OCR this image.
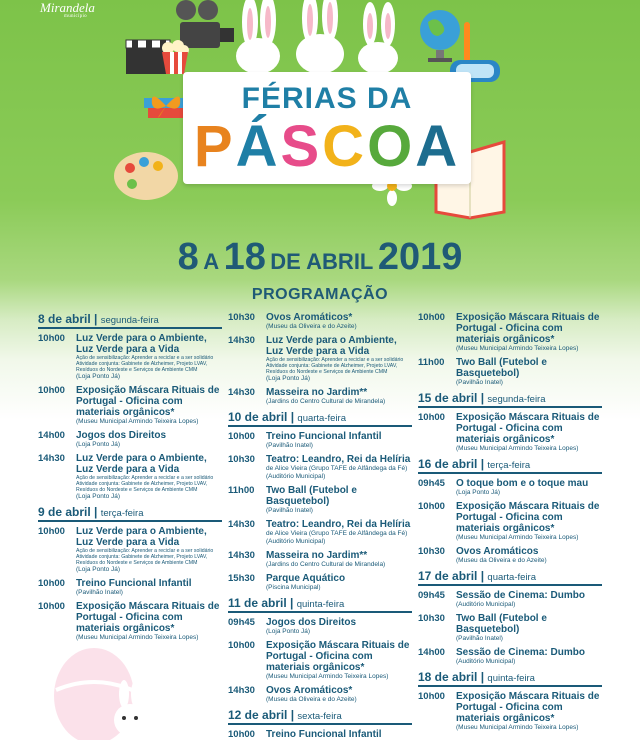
Mirandela
município
FÉRIAS DA
PÁSCOA
8 A 18 DE ABRIL 2019
PROGRAMAÇÃO
8 de abril | segunda-feira
10h00	Luz Verde para o Ambiente, Luz Verde para a Vida
Ação de sensibilização: Aprender a reciclar e a ser solidário
Atividade conjunta: Gabinete de Alzheimer, Projeto LVAV, Resíduos do Nordeste e Serviços de Ambiente CMM
(Loja Ponto Já)
10h00	Exposição Máscara Rituais de Portugal - Oficina com materiais orgânicos*
(Museu Municipal Armindo Teixeira Lopes)
14h00	Jogos dos Direitos
(Loja Ponto Já)
14h30	Luz Verde para o Ambiente, Luz Verde para a Vida
Ação de sensibilização: Aprender a reciclar e a ser solidário
Atividade conjunta: Gabinete de Alzheimer, Projeto LVAV, Resíduos do Nordeste e Serviços de Ambiente CMM
(Loja Ponto Já)
9 de abril | terça-feira
10h00	Luz Verde para o Ambiente, Luz Verde para a Vida
Ação de sensibilização: Aprender a reciclar e a ser solidário
Atividade conjunta: Gabinete de Alzheimer, Projeto LVAV, Resíduos do Nordeste e Serviços de Ambiente CMM
(Loja Ponto Já)
10h00	Treino Funcional Infantil
(Pavilhão Inatel)
10h00	Exposição Máscara Rituais de Portugal - Oficina com materiais orgânicos*
(Museu Municipal Armindo Teixeira Lopes)
10h30	Ovos Aromáticos*
(Museu da Oliveira e do Azeite)
14h30	Luz Verde para o Ambiente, Luz Verde para a Vida
Ação de sensibilização: Aprender a reciclar e a ser solidário
Atividade conjunta: Gabinete de Alzheimer, Projeto LVAV, Resíduos do Nordeste e Serviços de Ambiente CMM
(Loja Ponto Já)
14h30	Masseira no Jardim**
(Jardins do Centro Cultural de Mirandela)
10 de abril | quarta-feira
10h00	Treino Funcional Infantil
(Pavilhão Inatel)
10h30	Teatro: Leandro, Rei da Helíria
de Alice Vieira (Grupo TAFE de Alfândega da Fé) (Auditório Municipal)
11h00	Two Ball (Futebol e Basquetebol)
(Pavilhão Inatel)
14h30	Teatro: Leandro, Rei da Helíria
de Alice Vieira (Grupo TAFE de Alfândega da Fé) (Auditório Municipal)
14h30	Masseira no Jardim**
(Jardins do Centro Cultural de Mirandela)
15h30	Parque Aquático
(Piscina Municipal)
11 de abril | quinta-feira
09h45	Jogos dos Direitos
(Loja Ponto Já)
10h00	Exposição Máscara Rituais de Portugal - Oficina com materiais orgânicos*
(Museu Municipal Armindo Teixeira Lopes)
14h30	Ovos Aromáticos*
(Museu da Oliveira e do Azeite)
12 de abril | sexta-feira
10h00	Treino Funcional Infantil
10h00	Exposição Máscara Rituais de Portugal - Oficina com materiais orgânicos*
(Museu Municipal Armindo Teixeira Lopes)
11h00	Two Ball (Futebol e Basquetebol)
(Pavilhão Inatel)
15 de abril | segunda-feira
10h00	Exposição Máscara Rituais de Portugal - Oficina com materiais orgânicos*
(Museu Municipal Armindo Teixeira Lopes)
16 de abril | terça-feira
09h45	O toque bom e o toque mau
(Loja Ponto Já)
10h00	Exposição Máscara Rituais de Portugal - Oficina com materiais orgânicos*
(Museu Municipal Armindo Teixeira Lopes)
10h30	Ovos Aromáticos
(Museu da Oliveira e do Azeite)
17 de abril | quarta-feira
09h45	Sessão de Cinema: Dumbo
(Auditório Municipal)
10h30	Two Ball (Futebol e Basquetebol)
(Pavilhão Inatel)
14h00	Sessão de Cinema: Dumbo
(Auditório Municipal)
18 de abril | quinta-feira
10h00	Exposição Máscara Rituais de Portugal - Oficina com materiais orgânicos*
(Museu Municipal Armindo Teixeira Lopes)
